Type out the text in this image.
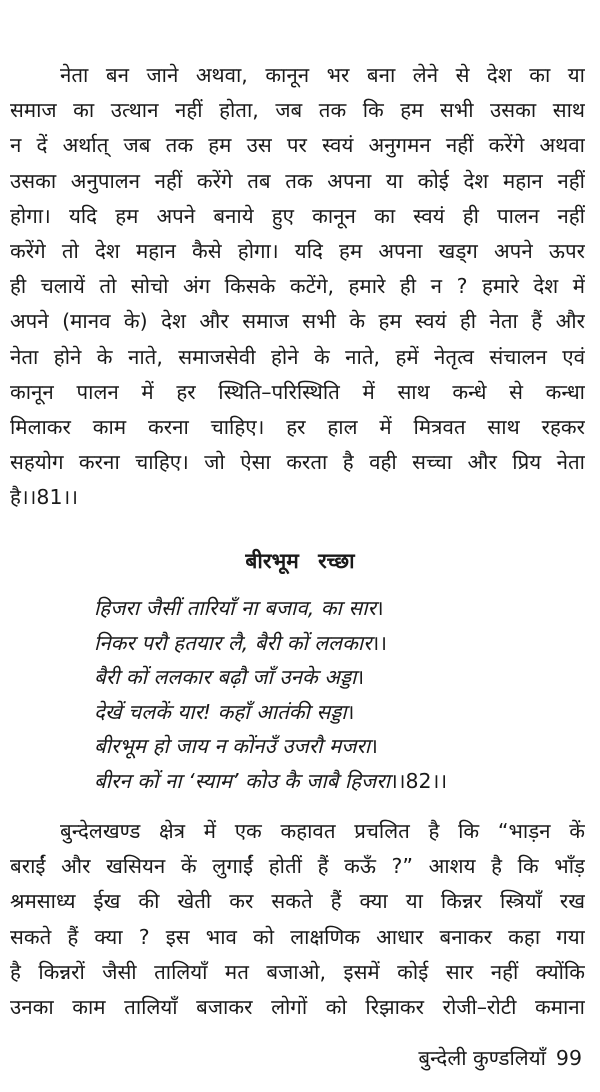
नेता बन जाने अथवा, कानून भर बना लेने से देश का या
समाज का उत्थान नहीं होता, जब तक कि हम सभी उसका साथ
न दें अर्थात् जब तक हम उस पर स्वयं अनुगमन नहीं करेंगे अथवा
उसका अनुपालन नहीं करेंगे तब तक अपना या कोई देश महान नहीं
होगा। यदि हम अपने बनाये हुए कानून का स्वयं ही पालन नहीं
करेंगे तो देश महान कैसे होगा। यदि हम अपना खड्ग अपने ऊपर
ही चलायें तो सोचो अंग किसके कटेंगे, हमारे ही न ? हमारे देश में
अपने (मानव के) देश और समाज सभी के हम स्वयं ही नेता हैं और
नेता होने के नाते, समाजसेवी होने के नाते, हमें नेतृत्व संचालन एवं
कानून पालन में हर स्थिति–परिस्थिति में साथ कन्धे से कन्धा
मिलाकर काम करना चाहिए। हर हाल में मित्रवत साथ रहकर
सहयोग करना चाहिए। जो ऐसा करता है वही सच्चा और प्रिय नेता
है।।81।।
बीरभूम रच्छा
हिजरा जैसीं तारियाँ ना बजाव, का सार।
निकर परौ हतयार लै, बैरी कों ललकार।।
बैरी कों ललकार बढ़ौ जाँ उनके अड्डा।
देखें चलकें यार! कहाँ आतंकी सड्डा।
बीरभूम हो जाय न कोंनउँ उजरौ मजरा।
बीरन कों ना ‘स्याम’ कोउ कै जाबै हिजरा।।82।।
बुन्देलखण्ड क्षेत्र में एक कहावत प्रचलित है कि “भाड़न कें
बराईं और खसियन कें लुगाईं होतीं हैं कऊँ ?” आशय है कि भाँड़
श्रमसाध्य ईख की खेती कर सकते हैं क्या या किन्नर स्त्रियाँ रख
सकते हैं क्या ? इस भाव को लाक्षणिक आधार बनाकर कहा गया
है किन्नरों जैसी तालियाँ मत बजाओ, इसमें कोई सार नहीं क्योंकि
उनका काम तालियाँ बजाकर लोगों को रिझाकर रोजी–रोटी कमाना
बुन्देली कुण्डलियाँ 99
